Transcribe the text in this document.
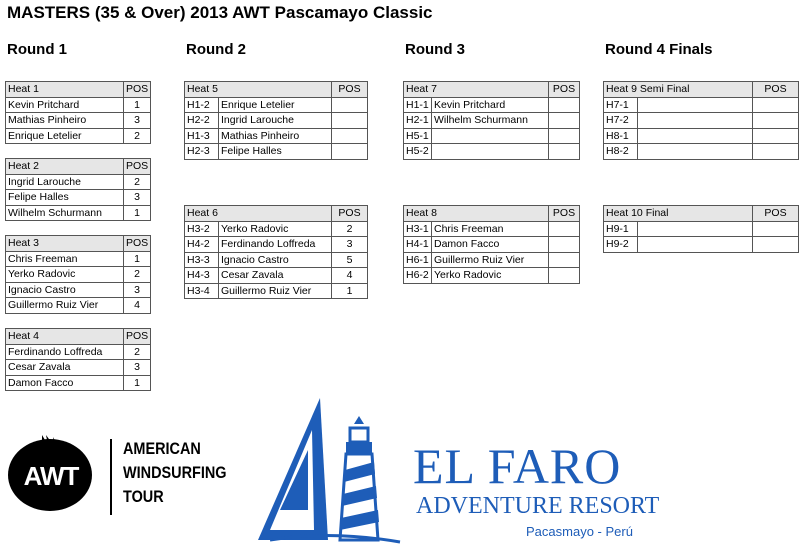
MASTERS (35 & Over) 2013 AWT Pascamayo Classic
Round 1	Round 2	Round 3	Round 4 Finals
Heat 1	POS
Kevin Pritchard	1
Mathias Pinheiro	3
Enrique Letelier	2
Heat 2	POS
Ingrid Larouche	2
Felipe Halles	3
Wilhelm Schurmann	1
Heat 3	POS
Chris Freeman	1
Yerko Radovic	2
Ignacio Castro	3
Guillermo Ruiz Vier	4
Heat 4	POS
Ferdinando Loffreda	2
Cesar Zavala	3
Damon Facco	1
Heat 5		POS
H1-2	Enrique Letelier	
H2-2	Ingrid Larouche	
H1-3	Mathias Pinheiro	
H2-3	Felipe Halles	
Heat 6		POS
H3-2	Yerko Radovic	2
H4-2	Ferdinando Loffreda	3
H3-3	Ignacio Castro	5
H4-3	Cesar Zavala	4
H3-4	Guillermo Ruiz Vier	1
Heat 7		POS
H1-1	Kevin Pritchard	
H2-1	Wilhelm Schurmann	
H5-1		
H5-2		
Heat 8		POS
H3-1	Chris Freeman	
H4-1	Damon Facco	
H6-1	Guillermo Ruiz Vier	
H6-2	Yerko Radovic	
Heat 9 Semi Final		POS
H7-1		
H7-2		
H8-1		
H8-2		
Heat 10 Final		POS
H9-1		
H9-2		
AWT
AMERICAN
WINDSURFING
TOUR
EL FARO
ADVENTURE RESORT
Pacasmayo - Perú
